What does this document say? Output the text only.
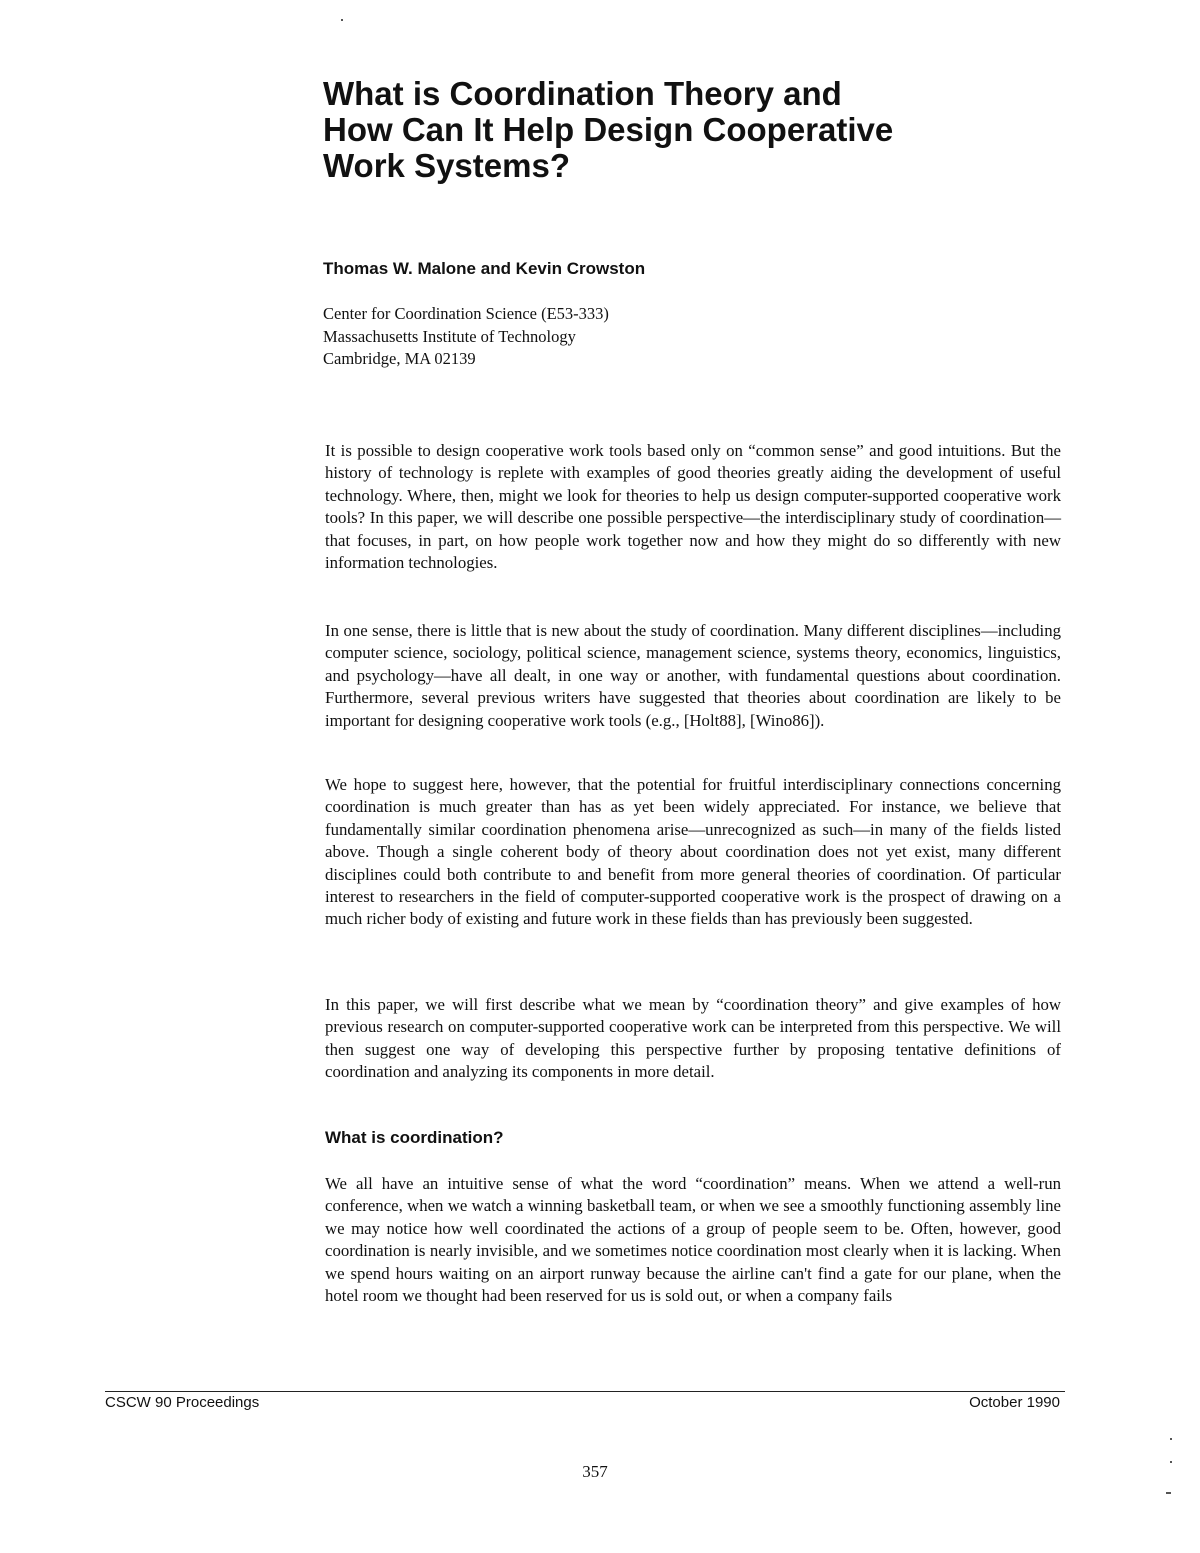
What is Coordination Theory and
How Can It Help Design Cooperative
Work Systems?
Thomas W. Malone and Kevin Crowston
Center for Coordination Science (E53-333)
Massachusetts Institute of Technology
Cambridge, MA 02139

It is possible to design cooperative work tools based only on “common sense” and good intuitions. But the history of technology is replete with examples of good theories greatly aiding the development of useful technology. Where, then, might we look for theories to help us design computer-supported cooperative work tools? In this paper, we will describe one possible perspective—the interdisciplinary study of coordination—that focuses, in part, on how people work together now and how they might do so differently with new information technologies.

In one sense, there is little that is new about the study of coordination. Many different disciplines—including computer science, sociology, political science, management science, systems theory, economics, linguistics, and psychology—have all dealt, in one way or another, with fundamental questions about coordination. Furthermore, several previous writers have suggested that theories about coordination are likely to be important for designing cooperative work tools (e.g., [Holt88], [Wino86]).

We hope to suggest here, however, that the potential for fruitful interdisciplinary connections concerning coordination is much greater than has as yet been widely appreciated. For instance, we believe that fundamentally similar coordination phenomena arise—unrecognized as such—in many of the fields listed above. Though a single coherent body of theory about coordination does not yet exist, many different disciplines could both contribute to and benefit from more general theories of coordination. Of particular interest to researchers in the field of computer-supported cooperative work is the prospect of drawing on a much richer body of existing and future work in these fields than has previously been suggested.

In this paper, we will first describe what we mean by “coordination theory” and give examples of how previous research on computer-supported cooperative work can be interpreted from this perspective. We will then suggest one way of developing this perspective further by proposing tentative definitions of coordination and analyzing its components in more detail.

What is coordination?

We all have an intuitive sense of what the word “coordination” means. When we attend a well-run conference, when we watch a winning basketball team, or when we see a smoothly functioning assembly line we may notice how well coordinated the actions of a group of people seem to be. Often, however, good coordination is nearly invisible, and we sometimes notice coordination most clearly when it is lacking. When we spend hours waiting on an airport runway because the airline can't find a gate for our plane, when the hotel room we thought had been reserved for us is sold out, or when a company fails

CSCW 90 Proceedings	October 1990
357
